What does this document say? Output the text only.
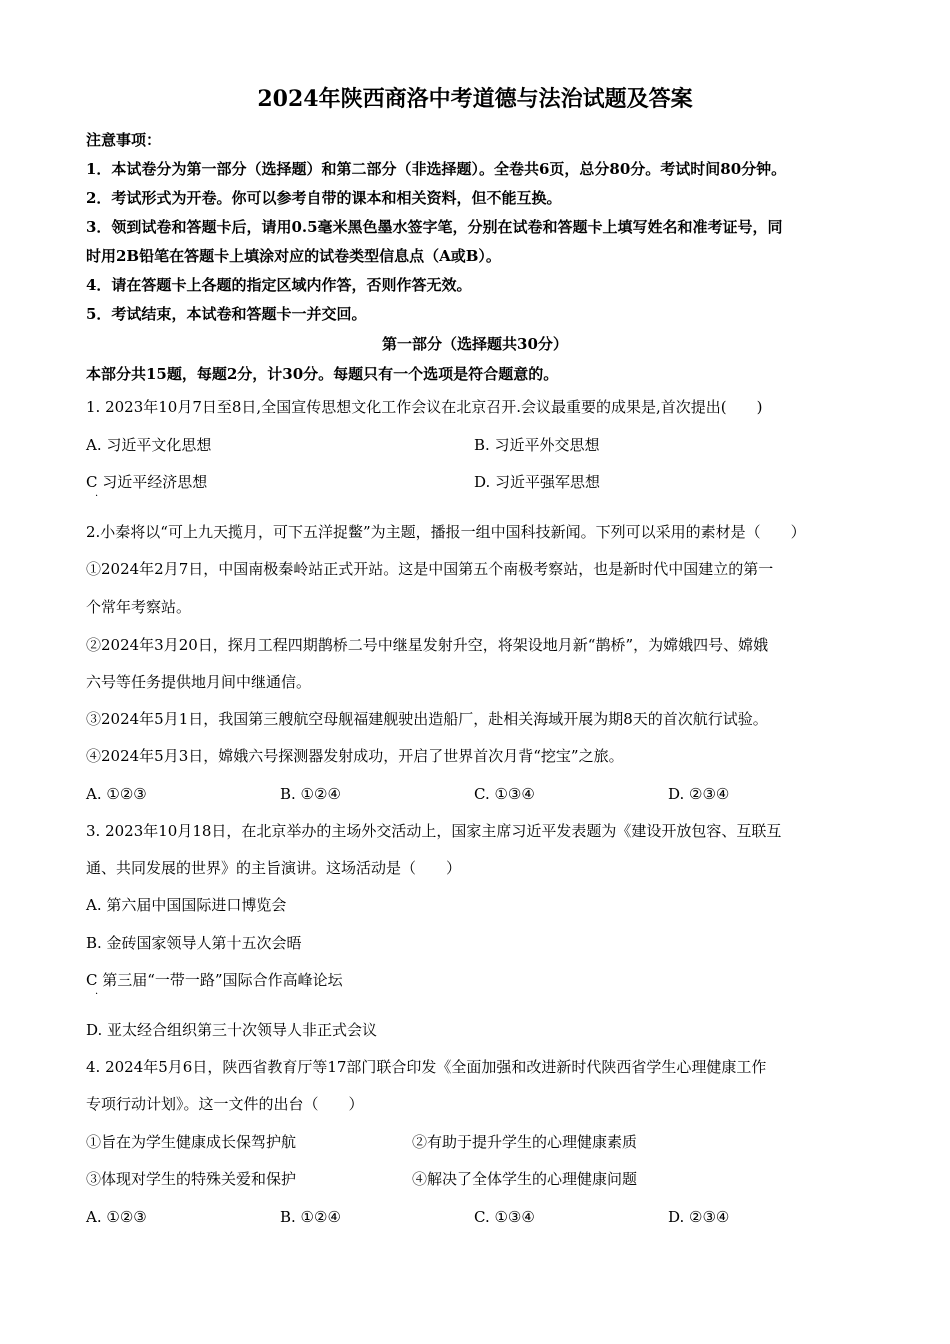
2024年陕西商洛中考道德与法治试题及答案
注意事项：
1．本试卷分为第一部分（选择题）和第二部分（非选择题）。全卷共6页，总分80分。考试时间80分钟。
2．考试形式为开卷。你可以参考自带的课本和相关资料，但不能互换。
3．领到试卷和答题卡后，请用0.5毫米黑色墨水签字笔，分别在试卷和答题卡上填写姓名和准考证号，同
时用2B铅笔在答题卡上填涂对应的试卷类型信息点（A或B）。
4．请在答题卡上各题的指定区域内作答，否则作答无效。
5．考试结束，本试卷和答题卡一并交回。
第一部分（选择题共30分）
本部分共15题，每题2分，计30分。每题只有一个选项是符合题意的。
1. 2023年10月7日至8日,全国宣传思想文化工作会议在北京召开.会议最重要的成果是,首次提出(　　)
A. 习近平文化思想	B. 习近平外交思想
C 习近平经济思想	D. 习近平强军思想
·
2.小秦将以“可上九天揽月，可下五洋捉鳖”为主题，播报一组中国科技新闻。下列可以采用的素材是（　　）
①2024年2月7日，中国南极秦岭站正式开站。这是中国第五个南极考察站，也是新时代中国建立的第一
个常年考察站。
②2024年3月20日，探月工程四期鹊桥二号中继星发射升空，将架设地月新“鹊桥”，为嫦娥四号、嫦娥
六号等任务提供地月间中继通信。
③2024年5月1日，我国第三艘航空母舰福建舰驶出造船厂，赴相关海域开展为期8天的首次航行试验。
④2024年5月3日，嫦娥六号探测器发射成功，开启了世界首次月背“挖宝”之旅。
A. ①②③	B. ①②④	C. ①③④	D. ②③④
3. 2023年10月18日，在北京举办的主场外交活动上，国家主席习近平发表题为《建设开放包容、互联互
通、共同发展的世界》的主旨演讲。这场活动是（　　）
A. 第六届中国国际进口博览会
B. 金砖国家领导人第十五次会晤
C 第三届“一带一路”国际合作高峰论坛
·
D. 亚太经合组织第三十次领导人非正式会议
4. 2024年5月6日，陕西省教育厅等17部门联合印发《全面加强和改进新时代陕西省学生心理健康工作
专项行动计划》。这一文件的出台（　　）
①旨在为学生健康成长保驾护航	②有助于提升学生的心理健康素质
③体现对学生的特殊关爱和保护	④解决了全体学生的心理健康问题
A. ①②③	B. ①②④	C. ①③④	D. ②③④
